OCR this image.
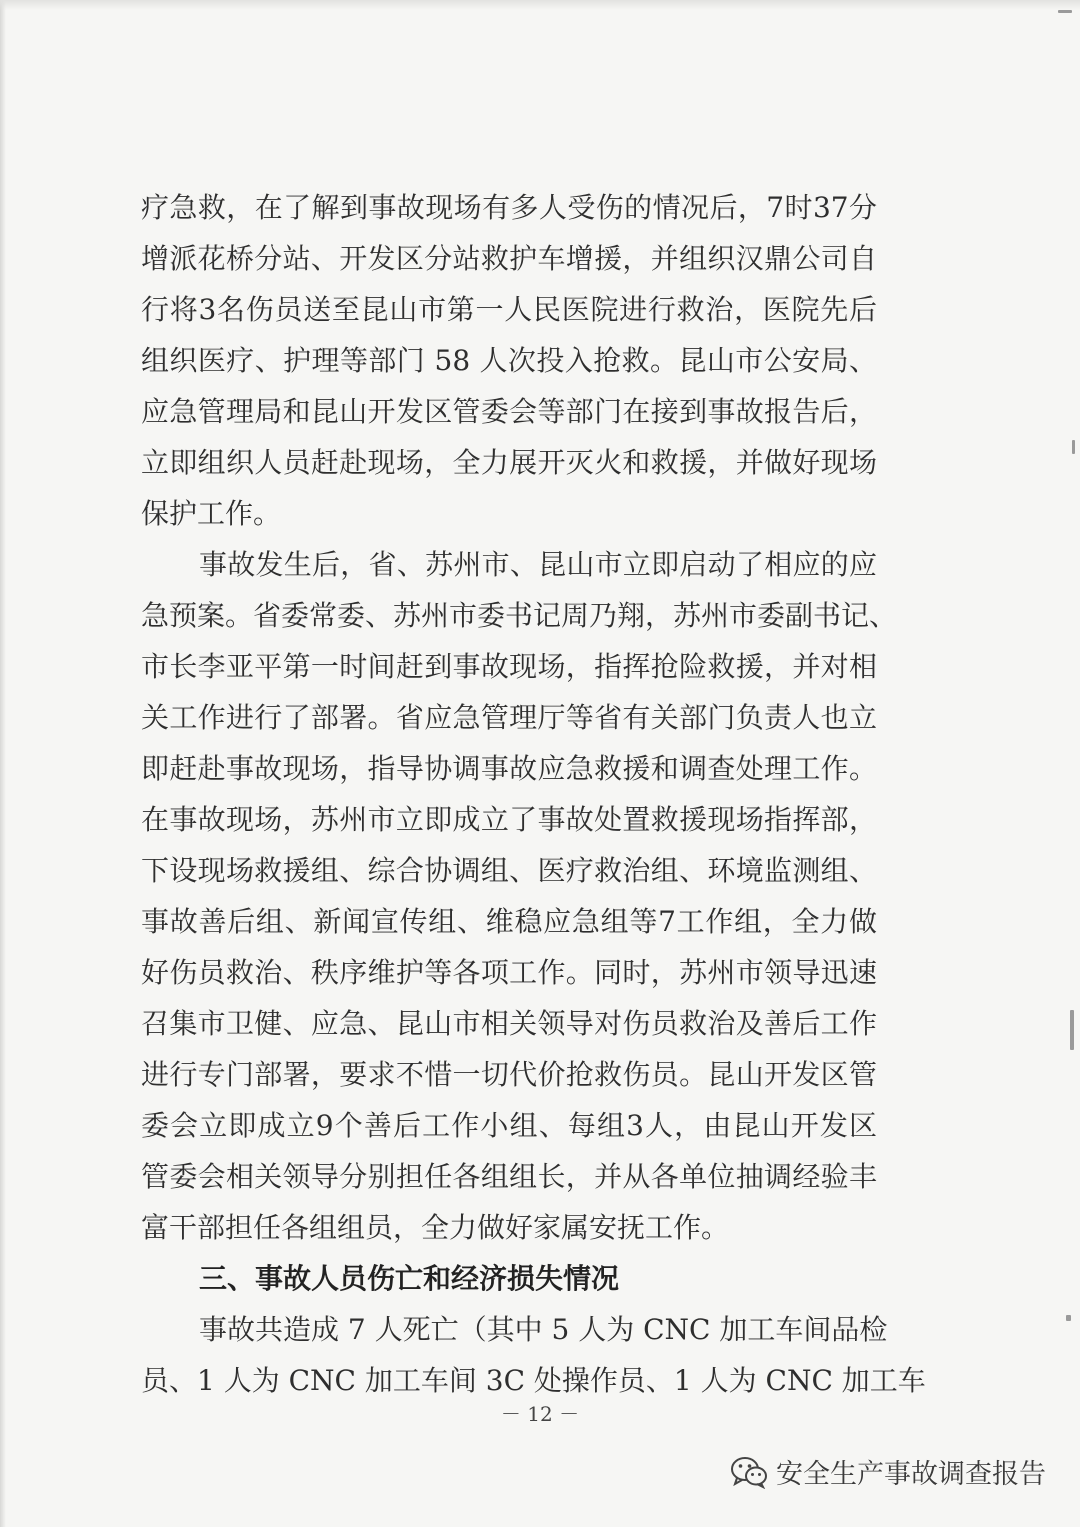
疗急救，在了解到事故现场有多人受伤的情况后，7时37分
增派花桥分站、开发区分站救护车增援，并组织汉鼎公司自
行将3名伤员送至昆山市第一人民医院进行救治，医院先后
组织医疗、护理等部门 58 人次投入抢救。昆山市公安局、
应急管理局和昆山开发区管委会等部门在接到事故报告后，
立即组织人员赶赴现场，全力展开灭火和救援，并做好现场
保护工作。
事故发生后，省、苏州市、昆山市立即启动了相应的应
急预案。省委常委、苏州市委书记周乃翔，苏州市委副书记、
市长李亚平第一时间赶到事故现场，指挥抢险救援，并对相
关工作进行了部署。省应急管理厅等省有关部门负责人也立
即赶赴事故现场，指导协调事故应急救援和调查处理工作。
在事故现场，苏州市立即成立了事故处置救援现场指挥部，
下设现场救援组、综合协调组、医疗救治组、环境监测组、
事故善后组、新闻宣传组、维稳应急组等7工作组，全力做
好伤员救治、秩序维护等各项工作。同时，苏州市领导迅速
召集市卫健、应急、昆山市相关领导对伤员救治及善后工作
进行专门部署，要求不惜一切代价抢救伤员。昆山开发区管
委会立即成立9个善后工作小组、每组3人，由昆山开发区
管委会相关领导分别担任各组组长，并从各单位抽调经验丰
富干部担任各组组员，全力做好家属安抚工作。
三、事故人员伤亡和经济损失情况
事故共造成 7 人死亡（其中 5 人为 CNC 加工车间品检
员、1 人为 CNC 加工车间 3C 处操作员、1 人为 CNC 加工车
－ 12 －
安全生产事故调查报告
